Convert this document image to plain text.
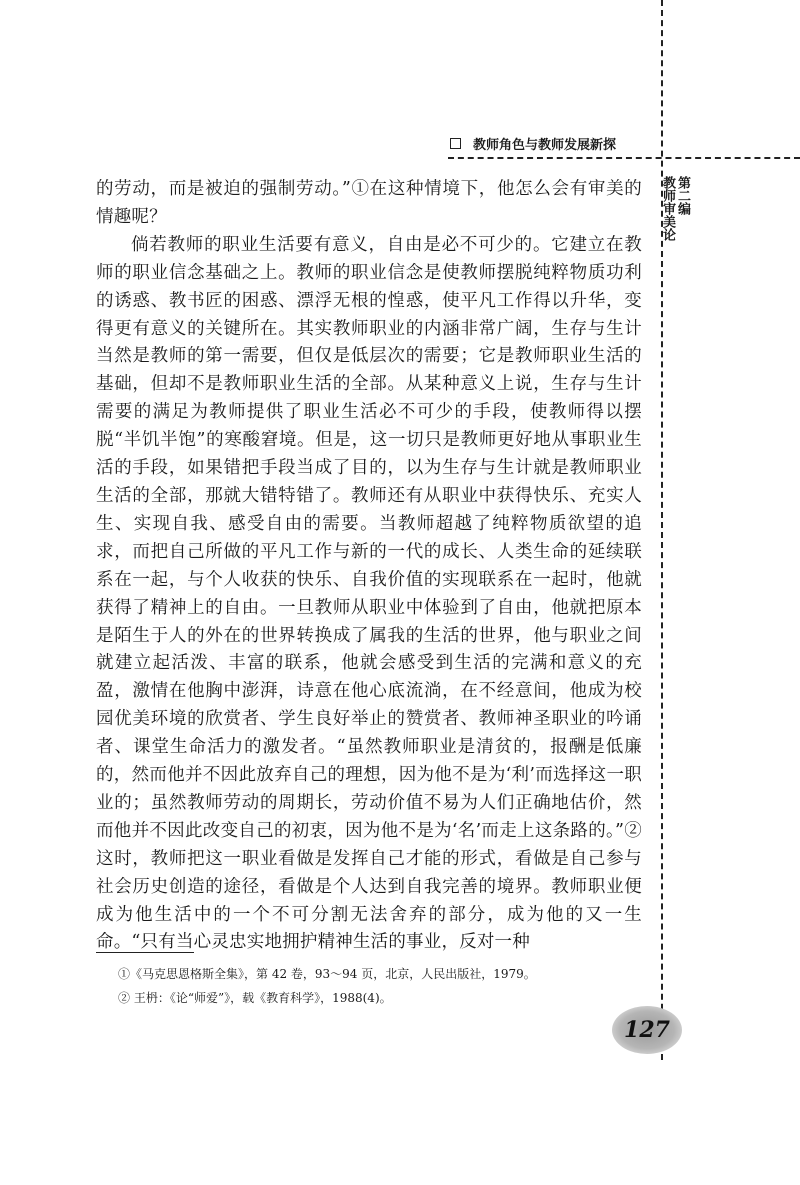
教师角色与教师发展新探
第二编
教师审美论

的劳动，而是被迫的强制劳动。”①在这种情境下，他怎么会有审美的情趣呢？

倘若教师的职业生活要有意义，自由是必不可少的。它建立在教师的职业信念基础之上。教师的职业信念是使教师摆脱纯粹物质功利的诱惑、教书匠的困惑、漂浮无根的惶惑，使平凡工作得以升华，变得更有意义的关键所在。其实教师职业的内涵非常广阔，生存与生计当然是教师的第一需要，但仅是低层次的需要；它是教师职业生活的基础，但却不是教师职业生活的全部。从某种意义上说，生存与生计需要的满足为教师提供了职业生活必不可少的手段，使教师得以摆脱“半饥半饱”的寒酸窘境。但是，这一切只是教师更好地从事职业生活的手段，如果错把手段当成了目的，以为生存与生计就是教师职业生活的全部，那就大错特错了。教师还有从职业中获得快乐、充实人生、实现自我、感受自由的需要。当教师超越了纯粹物质欲望的追求，而把自己所做的平凡工作与新的一代的成长、人类生命的延续联系在一起，与个人收获的快乐、自我价值的实现联系在一起时，他就获得了精神上的自由。一旦教师从职业中体验到了自由，他就把原本是陌生于人的外在的世界转换成了属我的生活的世界，他与职业之间就建立起活泼、丰富的联系，他就会感受到生活的完满和意义的充盈，激情在他胸中澎湃，诗意在他心底流淌，在不经意间，他成为校园优美环境的欣赏者、学生良好举止的赞赏者、教师神圣职业的吟诵者、课堂生命活力的激发者。“虽然教师职业是清贫的，报酬是低廉的，然而他并不因此放弃自己的理想，因为他不是为‘利’而选择这一职业的；虽然教师劳动的周期长，劳动价值不易为人们正确地估价，然而他并不因此改变自己的初衷，因为他不是为‘名’而走上这条路的。”②这时，教师把这一职业看做是发挥自己才能的形式，看做是自己参与社会历史创造的途径，看做是个人达到自我完善的境界。教师职业便成为他生活中的一个不可分割无法舍弃的部分，成为他的又一生命。“只有当心灵忠实地拥护精神生活的事业，反对一种

①《马克思恩格斯全集》，第 42 卷，93～94 页，北京，人民出版社，1979。
② 王枬：《论“师爱”》，载《教育科学》，1988(4)。
127
